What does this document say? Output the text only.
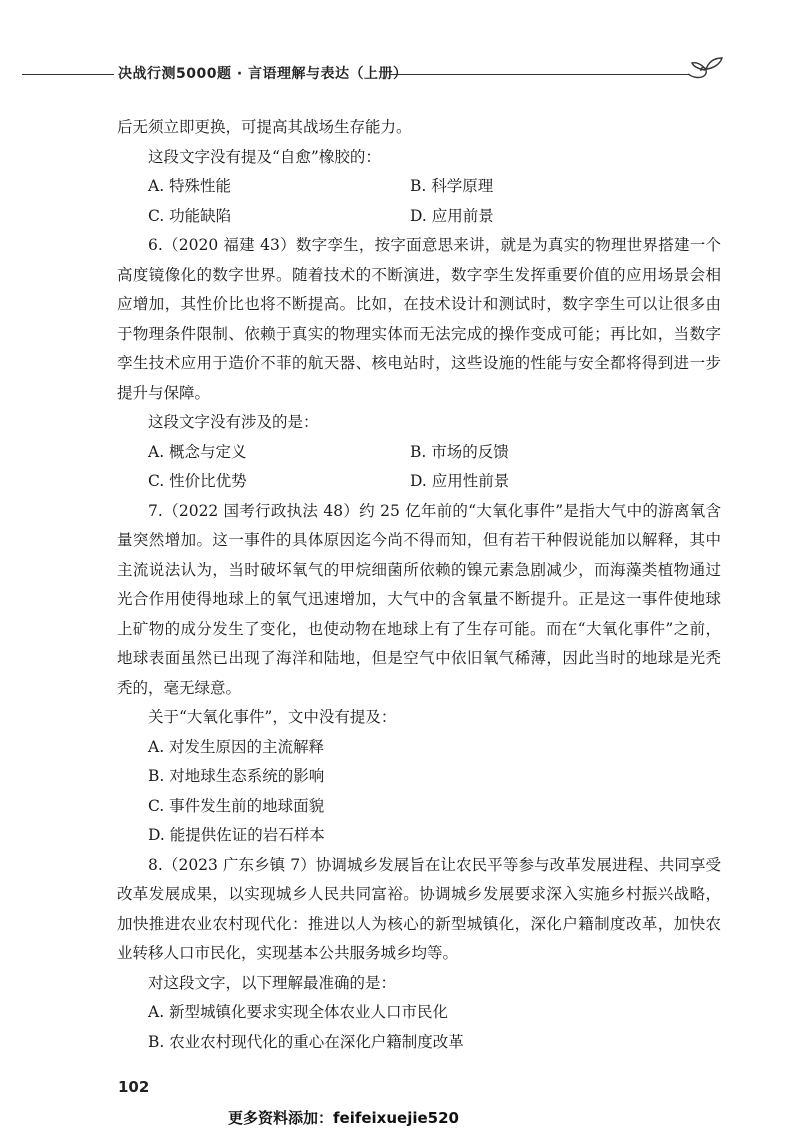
决战行测5000题 · 言语理解与表达（上册）

后无须立即更换，可提高其战场生存能力。

这段文字没有提及“自愈”橡胶的：

A. 特殊性能	B. 科学原理
C. 功能缺陷	D. 应用前景

6.（2020 福建 43）数字孪生，按字面意思来讲，就是为真实的物理世界搭建一个高度镜像化的数字世界。随着技术的不断演进，数字孪生发挥重要价值的应用场景会相应增加，其性价比也将不断提高。比如，在技术设计和测试时，数字孪生可以让很多由于物理条件限制、依赖于真实的物理实体而无法完成的操作变成可能；再比如，当数字孪生技术应用于造价不菲的航天器、核电站时，这些设施的性能与安全都将得到进一步提升与保障。

这段文字没有涉及的是：

A. 概念与定义	B. 市场的反馈
C. 性价比优势	D. 应用性前景

7.（2022 国考行政执法 48）约 25 亿年前的“大氧化事件”是指大气中的游离氧含量突然增加。这一事件的具体原因迄今尚不得而知，但有若干种假说能加以解释，其中主流说法认为，当时破坏氧气的甲烷细菌所依赖的镍元素急剧减少，而海藻类植物通过光合作用使得地球上的氧气迅速增加，大气中的含氧量不断提升。正是这一事件使地球上矿物的成分发生了变化，也使动物在地球上有了生存可能。而在“大氧化事件”之前，地球表面虽然已出现了海洋和陆地，但是空气中依旧氧气稀薄，因此当时的地球是光秃秃的，毫无绿意。

关于“大氧化事件”，文中没有提及：

A. 对发生原因的主流解释

B. 对地球生态系统的影响

C. 事件发生前的地球面貌

D. 能提供佐证的岩石样本

8.（2023 广东乡镇 7）协调城乡发展旨在让农民平等参与改革发展进程、共同享受改革发展成果，以实现城乡人民共同富裕。协调城乡发展要求深入实施乡村振兴战略，加快推进农业农村现代化：推进以人为核心的新型城镇化，深化户籍制度改革，加快农业转移人口市民化，实现基本公共服务城乡均等。

对这段文字，以下理解最准确的是：

A. 新型城镇化要求实现全体农业人口市民化

B. 农业农村现代化的重心在深化户籍制度改革

102
更多资料添加：feifeixuejie520
